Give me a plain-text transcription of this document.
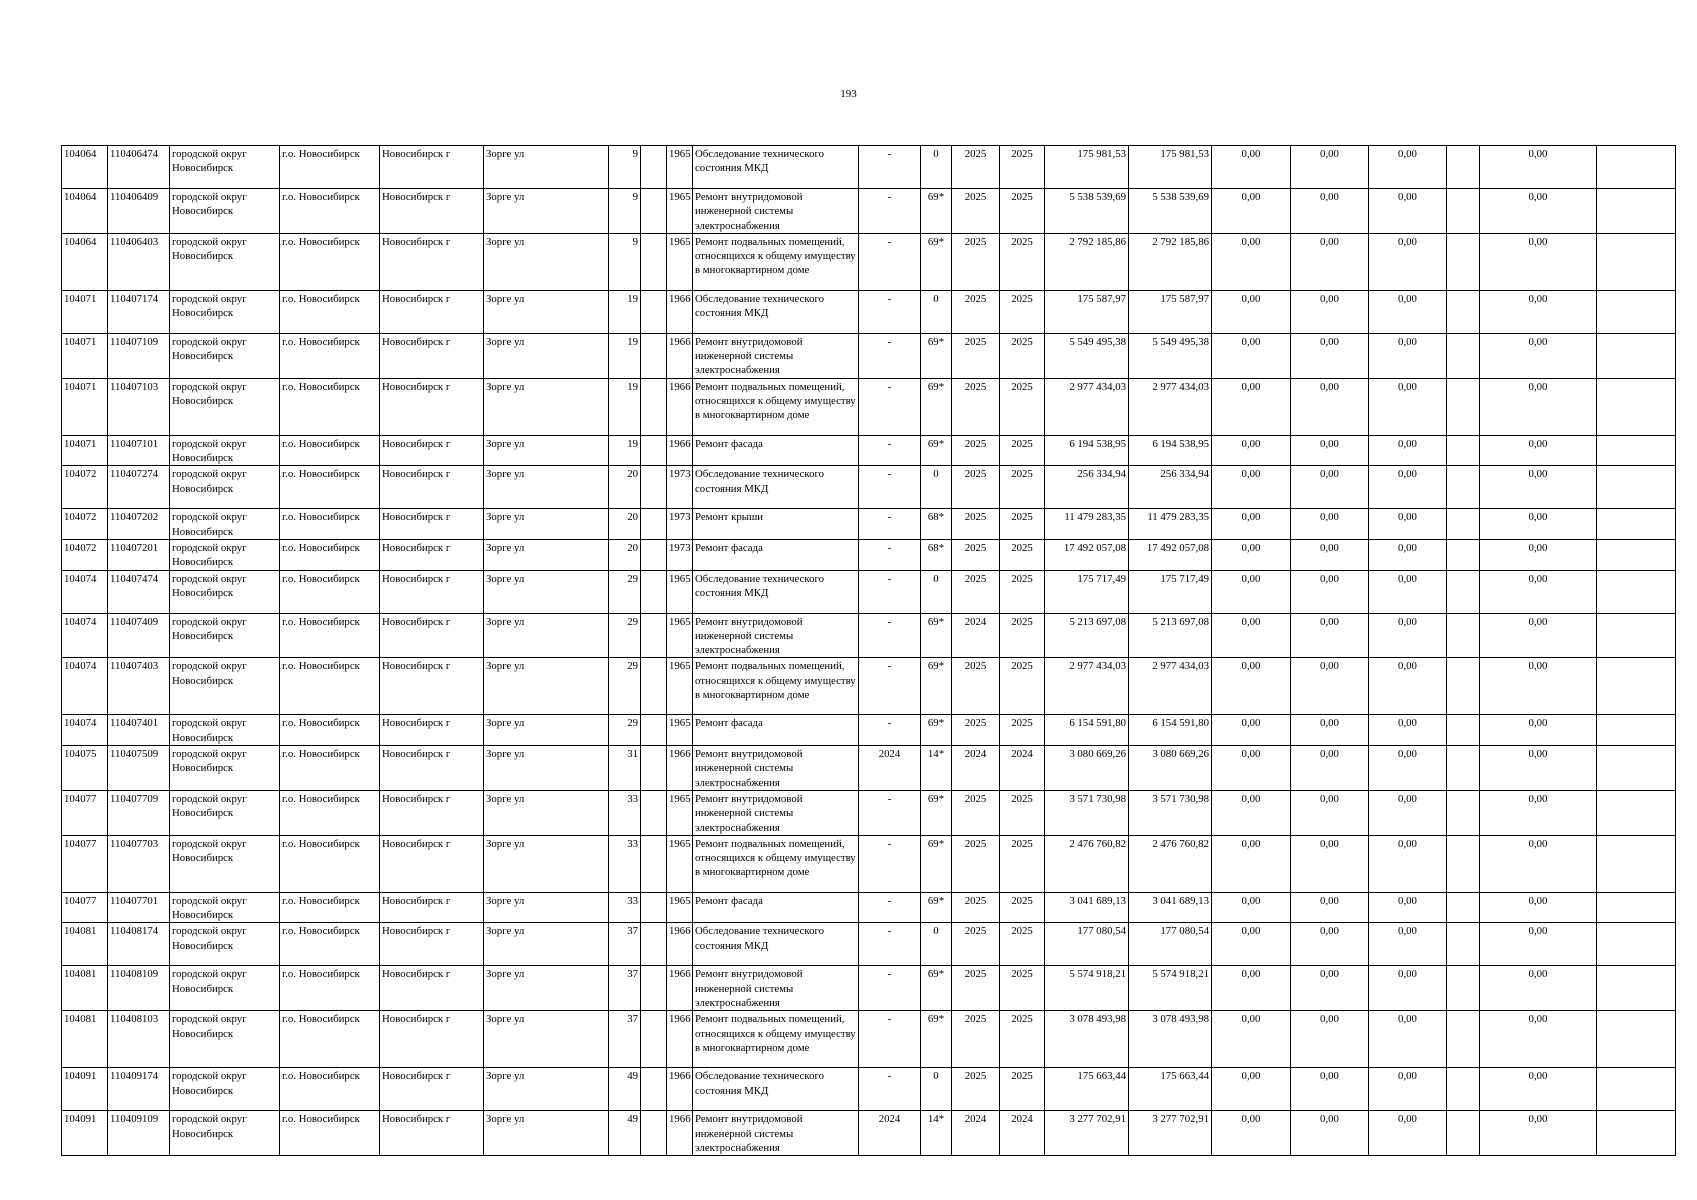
193
104064	110406474	городской округ Новосибирск	г.о. Новосибирск	Новосибирск г	Зорге ул	9		1965	Обследование технического состояния МКД	-	0	2025	2025	175 981,53	175 981,53	0,00	0,00	0,00		0,00	
104064	110406409	городской округ Новосибирск	г.о. Новосибирск	Новосибирск г	Зорге ул	9		1965	Ремонт внутридомовой инженерной системы электроснабжения	-	69*	2025	2025	5 538 539,69	5 538 539,69	0,00	0,00	0,00		0,00	
104064	110406403	городской округ Новосибирск	г.о. Новосибирск	Новосибирск г	Зорге ул	9		1965	Ремонт подвальных помещений, относящихся к общему имуществу в многоквартирном доме	-	69*	2025	2025	2 792 185,86	2 792 185,86	0,00	0,00	0,00		0,00	
104071	110407174	городской округ Новосибирск	г.о. Новосибирск	Новосибирск г	Зорге ул	19		1966	Обследование технического состояния МКД	-	0	2025	2025	175 587,97	175 587,97	0,00	0,00	0,00		0,00	
104071	110407109	городской округ Новосибирск	г.о. Новосибирск	Новосибирск г	Зорге ул	19		1966	Ремонт внутридомовой инженерной системы электроснабжения	-	69*	2025	2025	5 549 495,38	5 549 495,38	0,00	0,00	0,00		0,00	
104071	110407103	городской округ Новосибирск	г.о. Новосибирск	Новосибирск г	Зорге ул	19		1966	Ремонт подвальных помещений, относящихся к общему имуществу в многоквартирном доме	-	69*	2025	2025	2 977 434,03	2 977 434,03	0,00	0,00	0,00		0,00	
104071	110407101	городской округ Новосибирск	г.о. Новосибирск	Новосибирск г	Зорге ул	19		1966	Ремонт фасада	-	69*	2025	2025	6 194 538,95	6 194 538,95	0,00	0,00	0,00		0,00	
104072	110407274	городской округ Новосибирск	г.о. Новосибирск	Новосибирск г	Зорге ул	20		1973	Обследование технического состояния МКД	-	0	2025	2025	256 334,94	256 334,94	0,00	0,00	0,00		0,00	
104072	110407202	городской округ Новосибирск	г.о. Новосибирск	Новосибирск г	Зорге ул	20		1973	Ремонт крыши	-	68*	2025	2025	11 479 283,35	11 479 283,35	0,00	0,00	0,00		0,00	
104072	110407201	городской округ Новосибирск	г.о. Новосибирск	Новосибирск г	Зорге ул	20		1973	Ремонт фасада	-	68*	2025	2025	17 492 057,08	17 492 057,08	0,00	0,00	0,00		0,00	
104074	110407474	городской округ Новосибирск	г.о. Новосибирск	Новосибирск г	Зорге ул	29		1965	Обследование технического состояния МКД	-	0	2025	2025	175 717,49	175 717,49	0,00	0,00	0,00		0,00	
104074	110407409	городской округ Новосибирск	г.о. Новосибирск	Новосибирск г	Зорге ул	29		1965	Ремонт внутридомовой инженерной системы электроснабжения	-	69*	2024	2025	5 213 697,08	5 213 697,08	0,00	0,00	0,00		0,00	
104074	110407403	городской округ Новосибирск	г.о. Новосибирск	Новосибирск г	Зорге ул	29		1965	Ремонт подвальных помещений, относящихся к общему имуществу в многоквартирном доме	-	69*	2025	2025	2 977 434,03	2 977 434,03	0,00	0,00	0,00		0,00	
104074	110407401	городской округ Новосибирск	г.о. Новосибирск	Новосибирск г	Зорге ул	29		1965	Ремонт фасада	-	69*	2025	2025	6 154 591,80	6 154 591,80	0,00	0,00	0,00		0,00	
104075	110407509	городской округ Новосибирск	г.о. Новосибирск	Новосибирск г	Зорге ул	31		1966	Ремонт внутридомовой инженерной системы электроснабжения	2024	14*	2024	2024	3 080 669,26	3 080 669,26	0,00	0,00	0,00		0,00	
104077	110407709	городской округ Новосибирск	г.о. Новосибирск	Новосибирск г	Зорге ул	33		1965	Ремонт внутридомовой инженерной системы электроснабжения	-	69*	2025	2025	3 571 730,98	3 571 730,98	0,00	0,00	0,00		0,00	
104077	110407703	городской округ Новосибирск	г.о. Новосибирск	Новосибирск г	Зорге ул	33		1965	Ремонт подвальных помещений, относящихся к общему имуществу в многоквартирном доме	-	69*	2025	2025	2 476 760,82	2 476 760,82	0,00	0,00	0,00		0,00	
104077	110407701	городской округ Новосибирск	г.о. Новосибирск	Новосибирск г	Зорге ул	33		1965	Ремонт фасада	-	69*	2025	2025	3 041 689,13	3 041 689,13	0,00	0,00	0,00		0,00	
104081	110408174	городской округ Новосибирск	г.о. Новосибирск	Новосибирск г	Зорге ул	37		1966	Обследование технического состояния МКД	-	0	2025	2025	177 080,54	177 080,54	0,00	0,00	0,00		0,00	
104081	110408109	городской округ Новосибирск	г.о. Новосибирск	Новосибирск г	Зорге ул	37		1966	Ремонт внутридомовой инженерной системы электроснабжения	-	69*	2025	2025	5 574 918,21	5 574 918,21	0,00	0,00	0,00		0,00	
104081	110408103	городской округ Новосибирск	г.о. Новосибирск	Новосибирск г	Зорге ул	37		1966	Ремонт подвальных помещений, относящихся к общему имуществу в многоквартирном доме	-	69*	2025	2025	3 078 493,98	3 078 493,98	0,00	0,00	0,00		0,00	
104091	110409174	городской округ Новосибирск	г.о. Новосибирск	Новосибирск г	Зорге ул	49		1966	Обследование технического состояния МКД	-	0	2025	2025	175 663,44	175 663,44	0,00	0,00	0,00		0,00	
104091	110409109	городской округ Новосибирск	г.о. Новосибирск	Новосибирск г	Зорге ул	49		1966	Ремонт внутридомовой инженерной системы электроснабжения	2024	14*	2024	2024	3 277 702,91	3 277 702,91	0,00	0,00	0,00		0,00	
